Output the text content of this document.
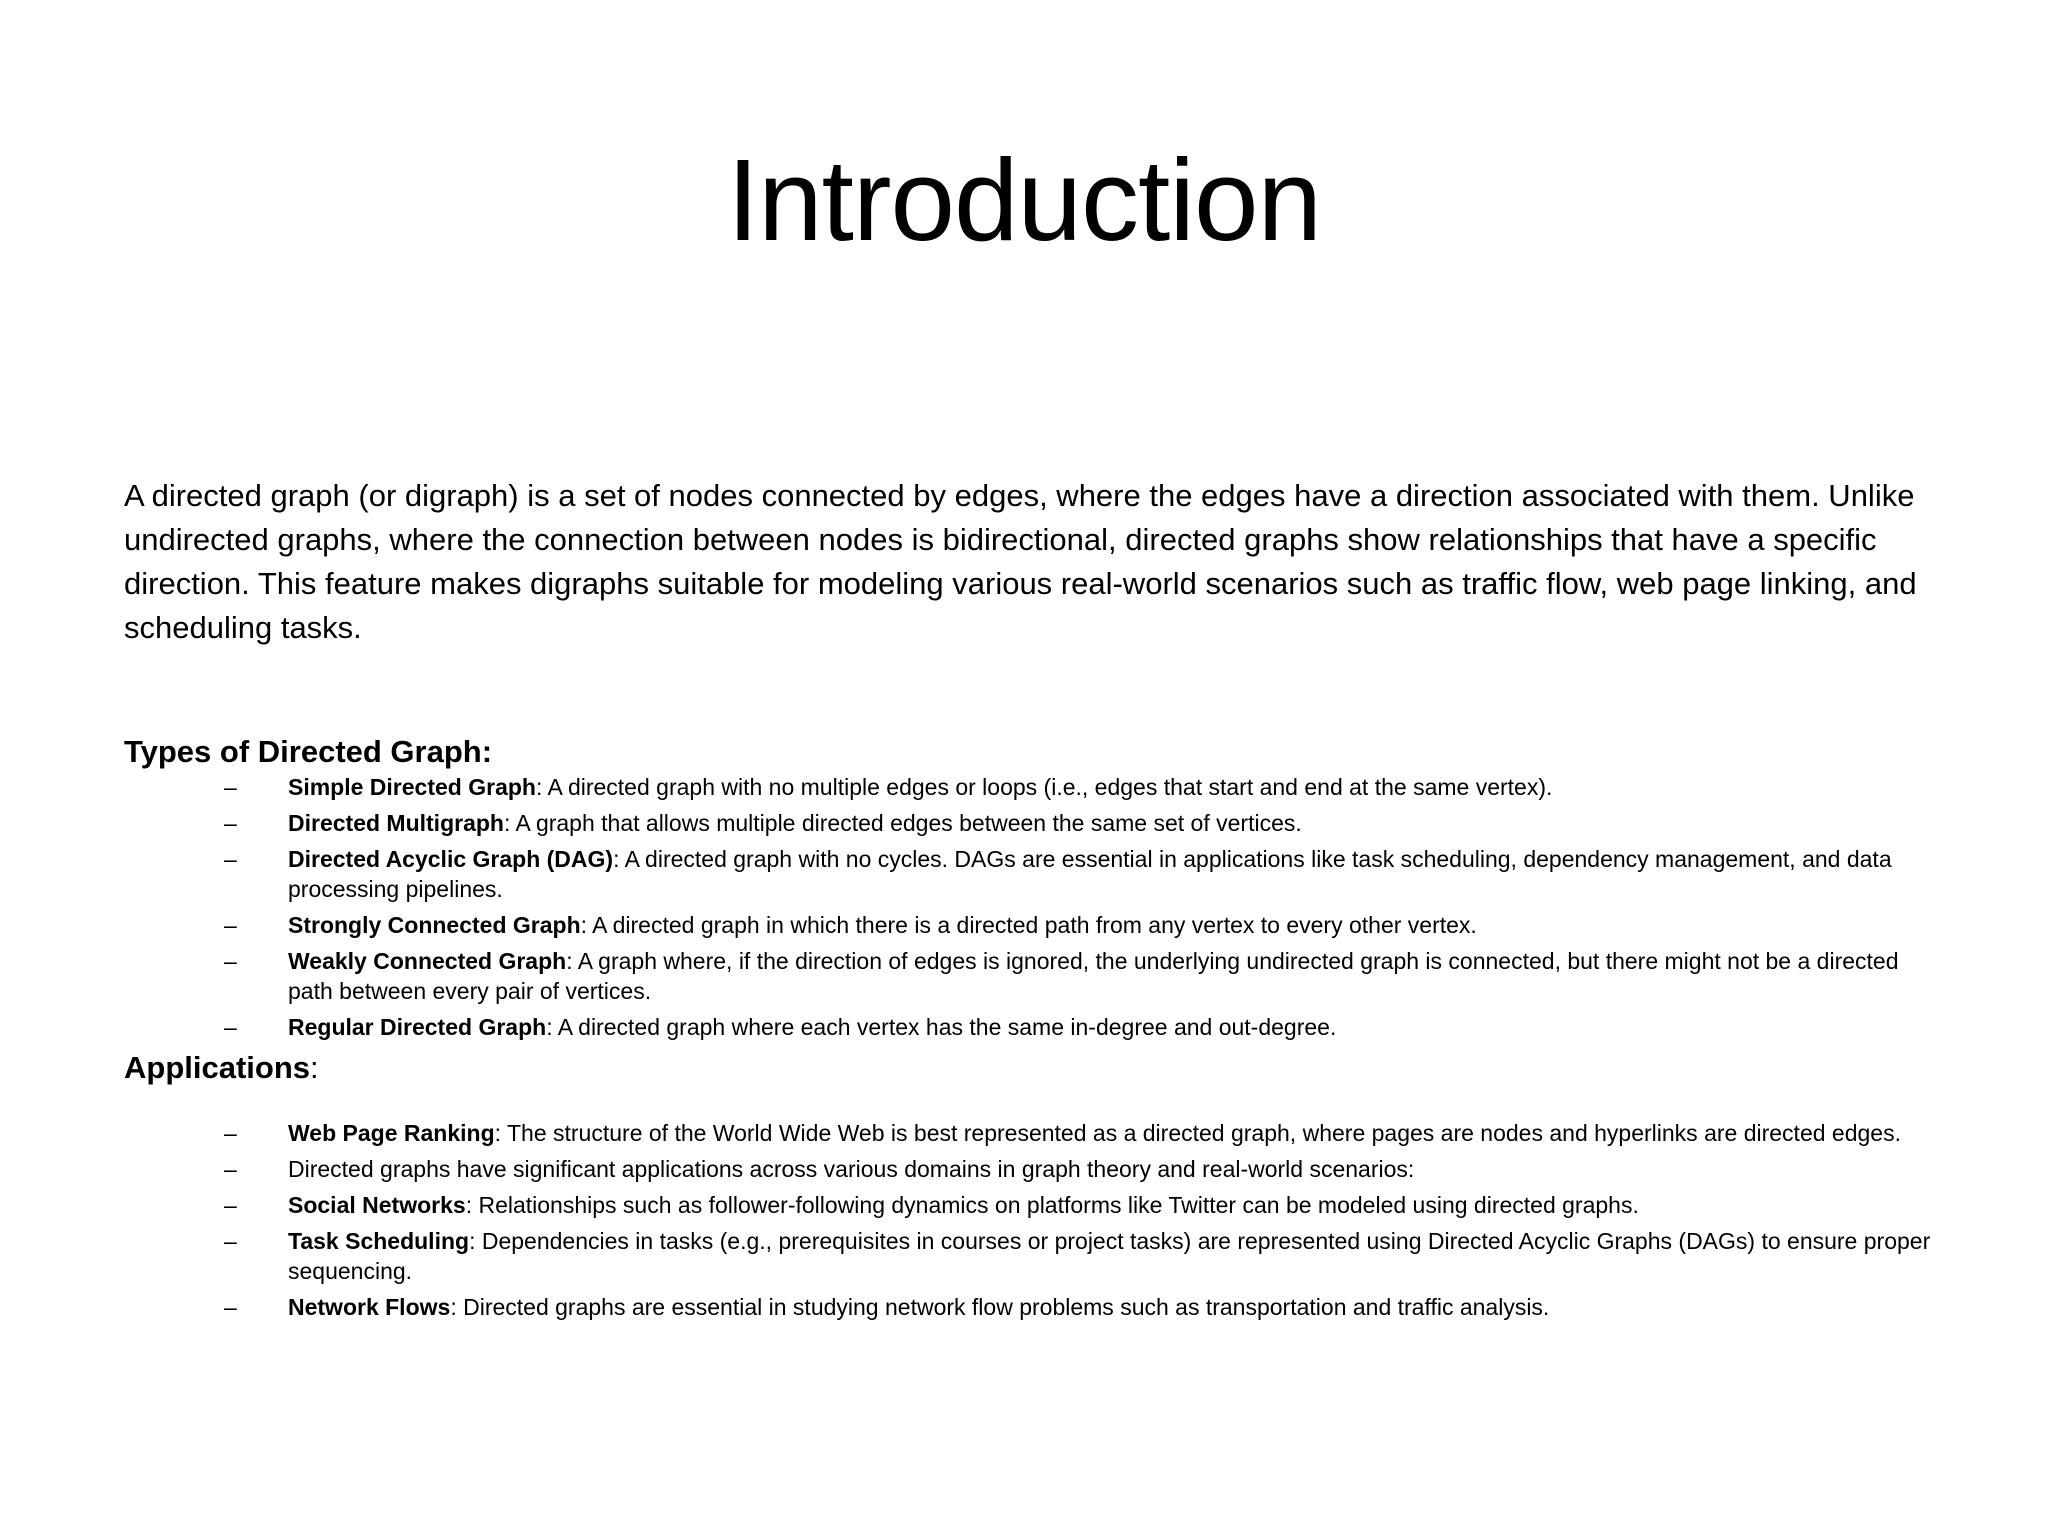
Introduction

A directed graph (or digraph) is a set of nodes connected by edges, where the edges have a direction associated with them. Unlike undirected graphs, where the connection between nodes is bidirectional, directed graphs show relationships that have a specific direction. This feature makes digraphs suitable for modeling various real-world scenarios such as traffic flow, web page linking, and scheduling tasks.

Types of Directed Graph:

–	Simple Directed Graph: A directed graph with no multiple edges or loops (i.e., edges that start and end at the same vertex).
–	Directed Multigraph: A graph that allows multiple directed edges between the same set of vertices.
–	Directed Acyclic Graph (DAG): A directed graph with no cycles. DAGs are essential in applications like task scheduling, dependency management, and data processing pipelines.
–	Strongly Connected Graph: A directed graph in which there is a directed path from any vertex to every other vertex.
–	Weakly Connected Graph: A graph where, if the direction of edges is ignored, the underlying undirected graph is connected, but there might not be a directed path between every pair of vertices.
–	Regular Directed Graph: A directed graph where each vertex has the same in-degree and out-degree.

Applications:

–	Web Page Ranking: The structure of the World Wide Web is best represented as a directed graph, where pages are nodes and hyperlinks are directed edges.
–	Directed graphs have significant applications across various domains in graph theory and real-world scenarios:
–	Social Networks: Relationships such as follower-following dynamics on platforms like Twitter can be modeled using directed graphs.
–	Task Scheduling: Dependencies in tasks (e.g., prerequisites in courses or project tasks) are represented using Directed Acyclic Graphs (DAGs) to ensure proper sequencing.
–	Network Flows: Directed graphs are essential in studying network flow problems such as transportation and traffic analysis.
